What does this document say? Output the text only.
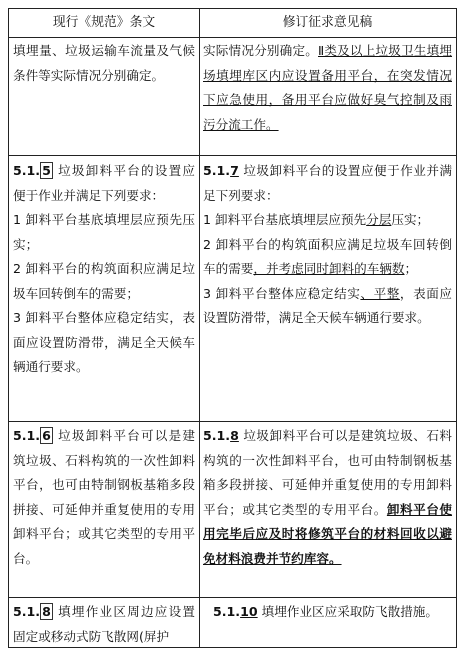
现行《规范》条文	修订征求意见稿
填埋量、垃圾运输车流量及气候条件等实际情况分别确定。
实际情况分别确定。Ⅱ类及以上垃圾卫生填埋场填埋库区内应设置备用平台，在突发情况下应急使用，备用平台应做好臭气控制及雨污分流工作。
5.1. 5 垃圾卸料平台的设置应便于作业并满足下列要求：
1 卸料平台基底填埋层应预先压实；
2 卸料平台的构筑面积应满足垃圾车回转倒车的需要；
3 卸料平台整体应稳定结实，表面应设置防滑带，满足全天候车辆通行要求。
5.1.7 垃圾卸料平台的设置应便于作业并满足下列要求：
1 卸料平台基底填埋层应预先分层压实；
2 卸料平台的构筑面积应满足垃圾车回转倒车的需要，并考虑同时卸料的车辆数；
3 卸料平台整体应稳定结实、平整，表面应设置防滑带，满足全天候车辆通行要求。
5.1. 6 垃圾卸料平台可以是建筑垃圾、石料构筑的一次性卸料平台，也可由特制钢板基箱多段拼接、可延伸并重复使用的专用卸料平台；或其它类型的专用平台。
5.1.8 垃圾卸料平台可以是建筑垃圾、石料构筑的一次性卸料平台，也可由特制钢板基箱多段拼接、可延伸并重复使用的专用卸料平台；或其它类型的专用平台。卸料平台使用完毕后应及时将修筑平台的材料回收以避免材料浪费并节约库容。
5.1. 8 填埋作业区周边应设置固定或移动式防飞散网(屏护
5.1.10 填埋作业区应采取防飞散措施。
